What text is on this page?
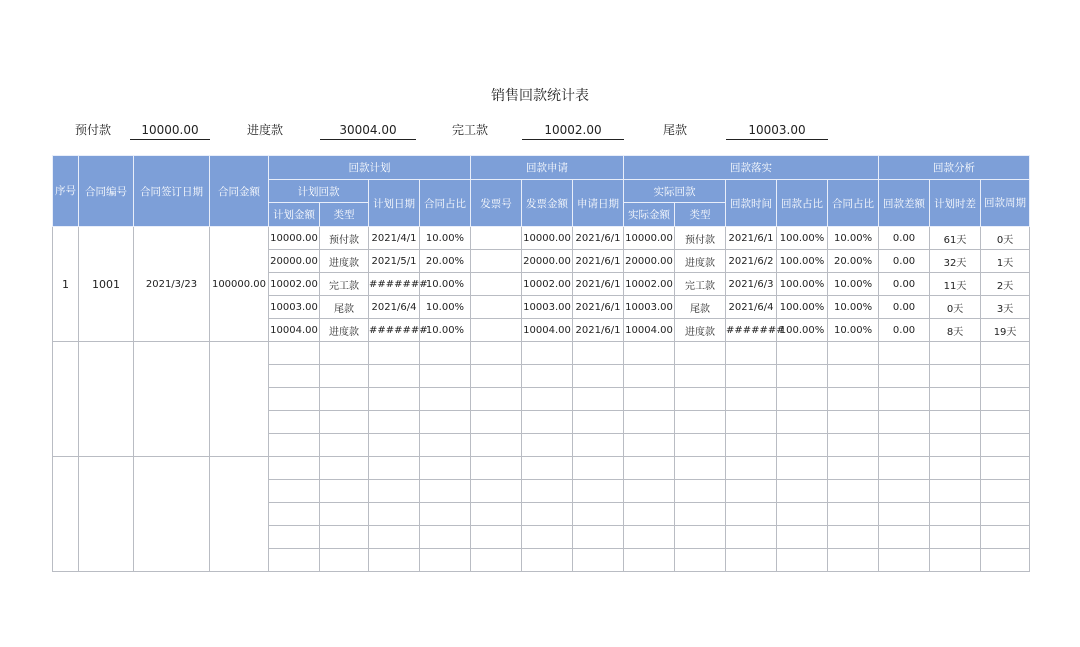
销售回款统计表
预付款	10000.00	进度款	30004.00	完工款	10002.00	尾款	10003.00
序号	合同编号	合同签订日期	合同金额	回款计划				回款申请			回款落实					回款分析		
				计划回款		计划日期	合同占比	发票号	发票金额	申请日期	实际回款		回款时间	回款占比	合同占比	回款差额	计划时差	回款周期
				计划金额	类型						实际金额	类型						
1	1001	2021/3/23	100000.00	10000.00	预付款	2021/4/1	10.00%		10000.00	2021/6/1	10000.00	预付款	2021/6/1	100.00%	10.00%	0.00	61天	0天
				20000.00	进度款	2021/5/1	20.00%		20000.00	2021/6/1	20000.00	进度款	2021/6/2	100.00%	20.00%	0.00	32天	1天
				10002.00	完工款	#######	10.00%		10002.00	2021/6/1	10002.00	完工款	2021/6/3	100.00%	10.00%	0.00	11天	2天
				10003.00	尾款	2021/6/4	10.00%		10003.00	2021/6/1	10003.00	尾款	2021/6/4	100.00%	10.00%	0.00	0天	3天
				10004.00	进度款	#######	10.00%		10004.00	2021/6/1	10004.00	进度款	#######	100.00%	10.00%	0.00	8天	19天
